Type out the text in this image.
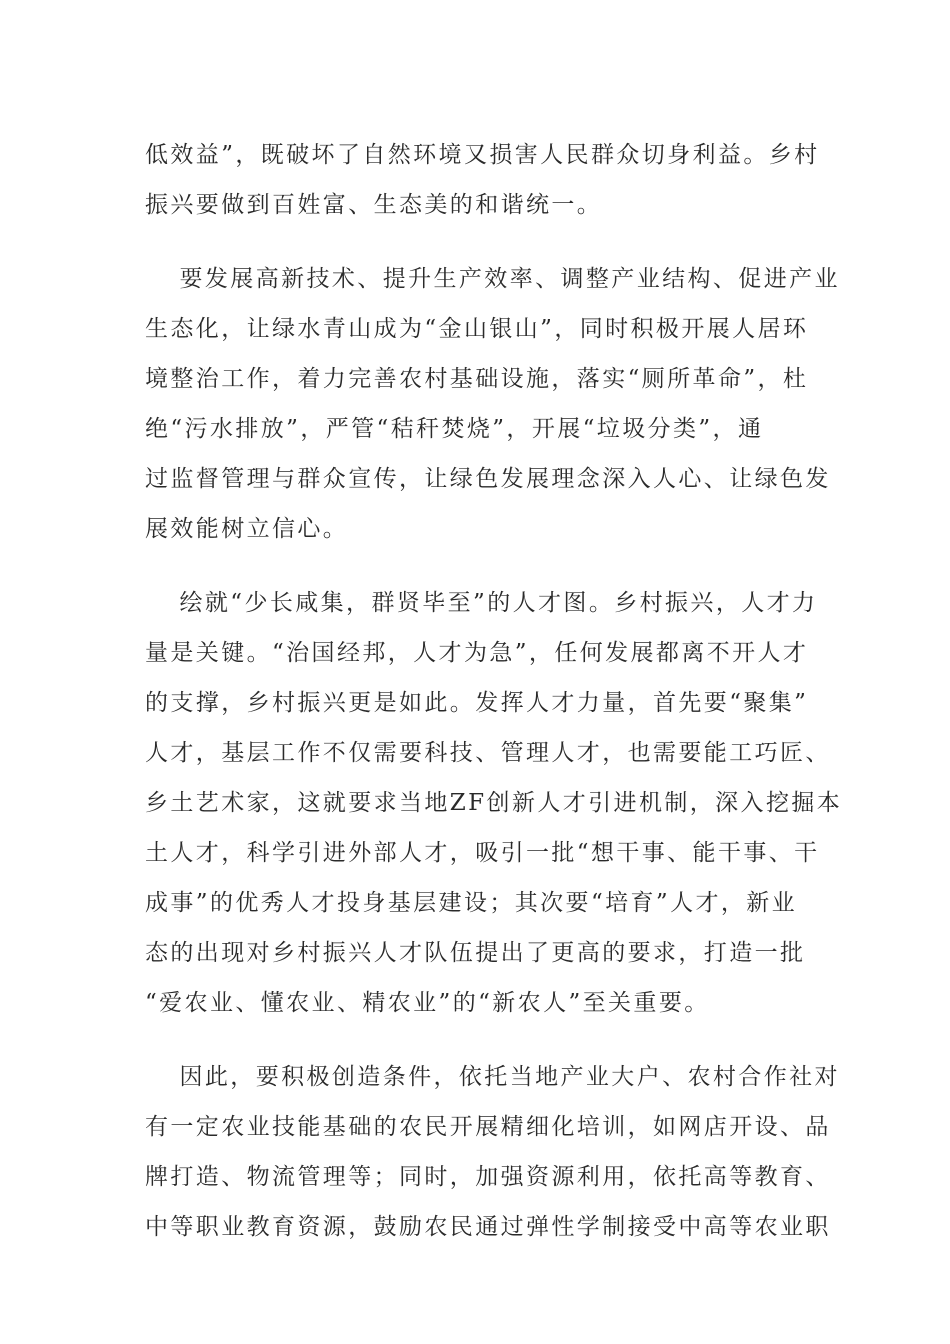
低效益”，既破坏了自然环境又损害人民群众切身利益。乡村
振兴要做到百姓富、生态美的和谐统一。
要发展高新技术、提升生产效率、调整产业结构、促进产业
生态化，让绿水青山成为“金山银山”，同时积极开展人居环
境整治工作，着力完善农村基础设施，落实“厕所革命”，杜
绝“污水排放”，严管“秸秆焚烧”，开展“垃圾分类”，通
过监督管理与群众宣传，让绿色发展理念深入人心、让绿色发
展效能树立信心。
绘就“少长咸集，群贤毕至”的人才图。乡村振兴，人才力
量是关键。“治国经邦，人才为急”，任何发展都离不开人才
的支撑，乡村振兴更是如此。发挥人才力量，首先要“聚集”
人才，基层工作不仅需要科技、管理人才，也需要能工巧匠、
乡土艺术家，这就要求当地ZF创新人才引进机制，深入挖掘本
土人才，科学引进外部人才，吸引一批“想干事、能干事、干
成事”的优秀人才投身基层建设；其次要“培育”人才，新业
态的出现对乡村振兴人才队伍提出了更高的要求，打造一批
“爱农业、懂农业、精农业”的“新农人”至关重要。
因此，要积极创造条件，依托当地产业大户、农村合作社对
有一定农业技能基础的农民开展精细化培训，如网店开设、品
牌打造、物流管理等；同时，加强资源利用，依托高等教育、
中等职业教育资源，鼓励农民通过弹性学制接受中高等农业职
